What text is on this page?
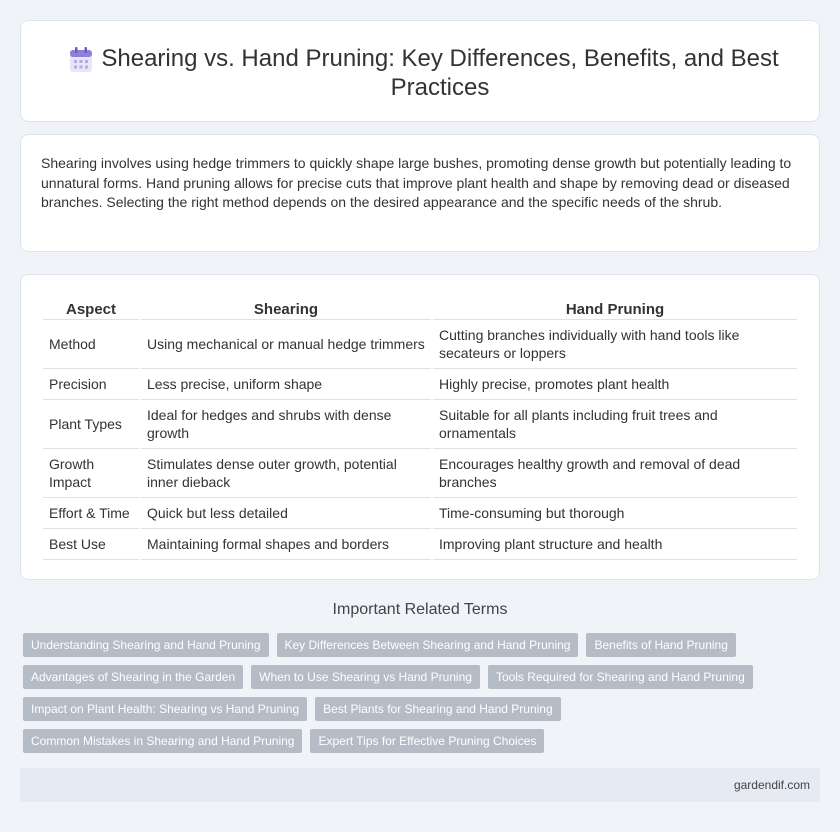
Shearing vs. Hand Pruning: Key Differences, Benefits, and Best Practices

Shearing involves using hedge trimmers to quickly shape large bushes, promoting dense growth but potentially leading to unnatural forms. Hand pruning allows for precise cuts that improve plant health and shape by removing dead or diseased branches. Selecting the right method depends on the desired appearance and the specific needs of the shrub.

Aspect	Shearing	Hand Pruning
Method	Using mechanical or manual hedge trimmers	Cutting branches individually with hand tools like secateurs or loppers
Precision	Less precise, uniform shape	Highly precise, promotes plant health
Plant Types	Ideal for hedges and shrubs with dense growth	Suitable for all plants including fruit trees and ornamentals
Growth Impact	Stimulates dense outer growth, potential inner dieback	Encourages healthy growth and removal of dead branches
Effort & Time	Quick but less detailed	Time-consuming but thorough
Best Use	Maintaining formal shapes and borders	Improving plant structure and health
Important Related Terms
Understanding Shearing and Hand Pruning	Key Differences Between Shearing and Hand Pruning	Benefits of Hand Pruning
Advantages of Shearing in the Garden	When to Use Shearing vs Hand Pruning	Tools Required for Shearing and Hand Pruning
Impact on Plant Health: Shearing vs Hand Pruning	Best Plants for Shearing and Hand Pruning
Common Mistakes in Shearing and Hand Pruning	Expert Tips for Effective Pruning Choices
gardendif.com
